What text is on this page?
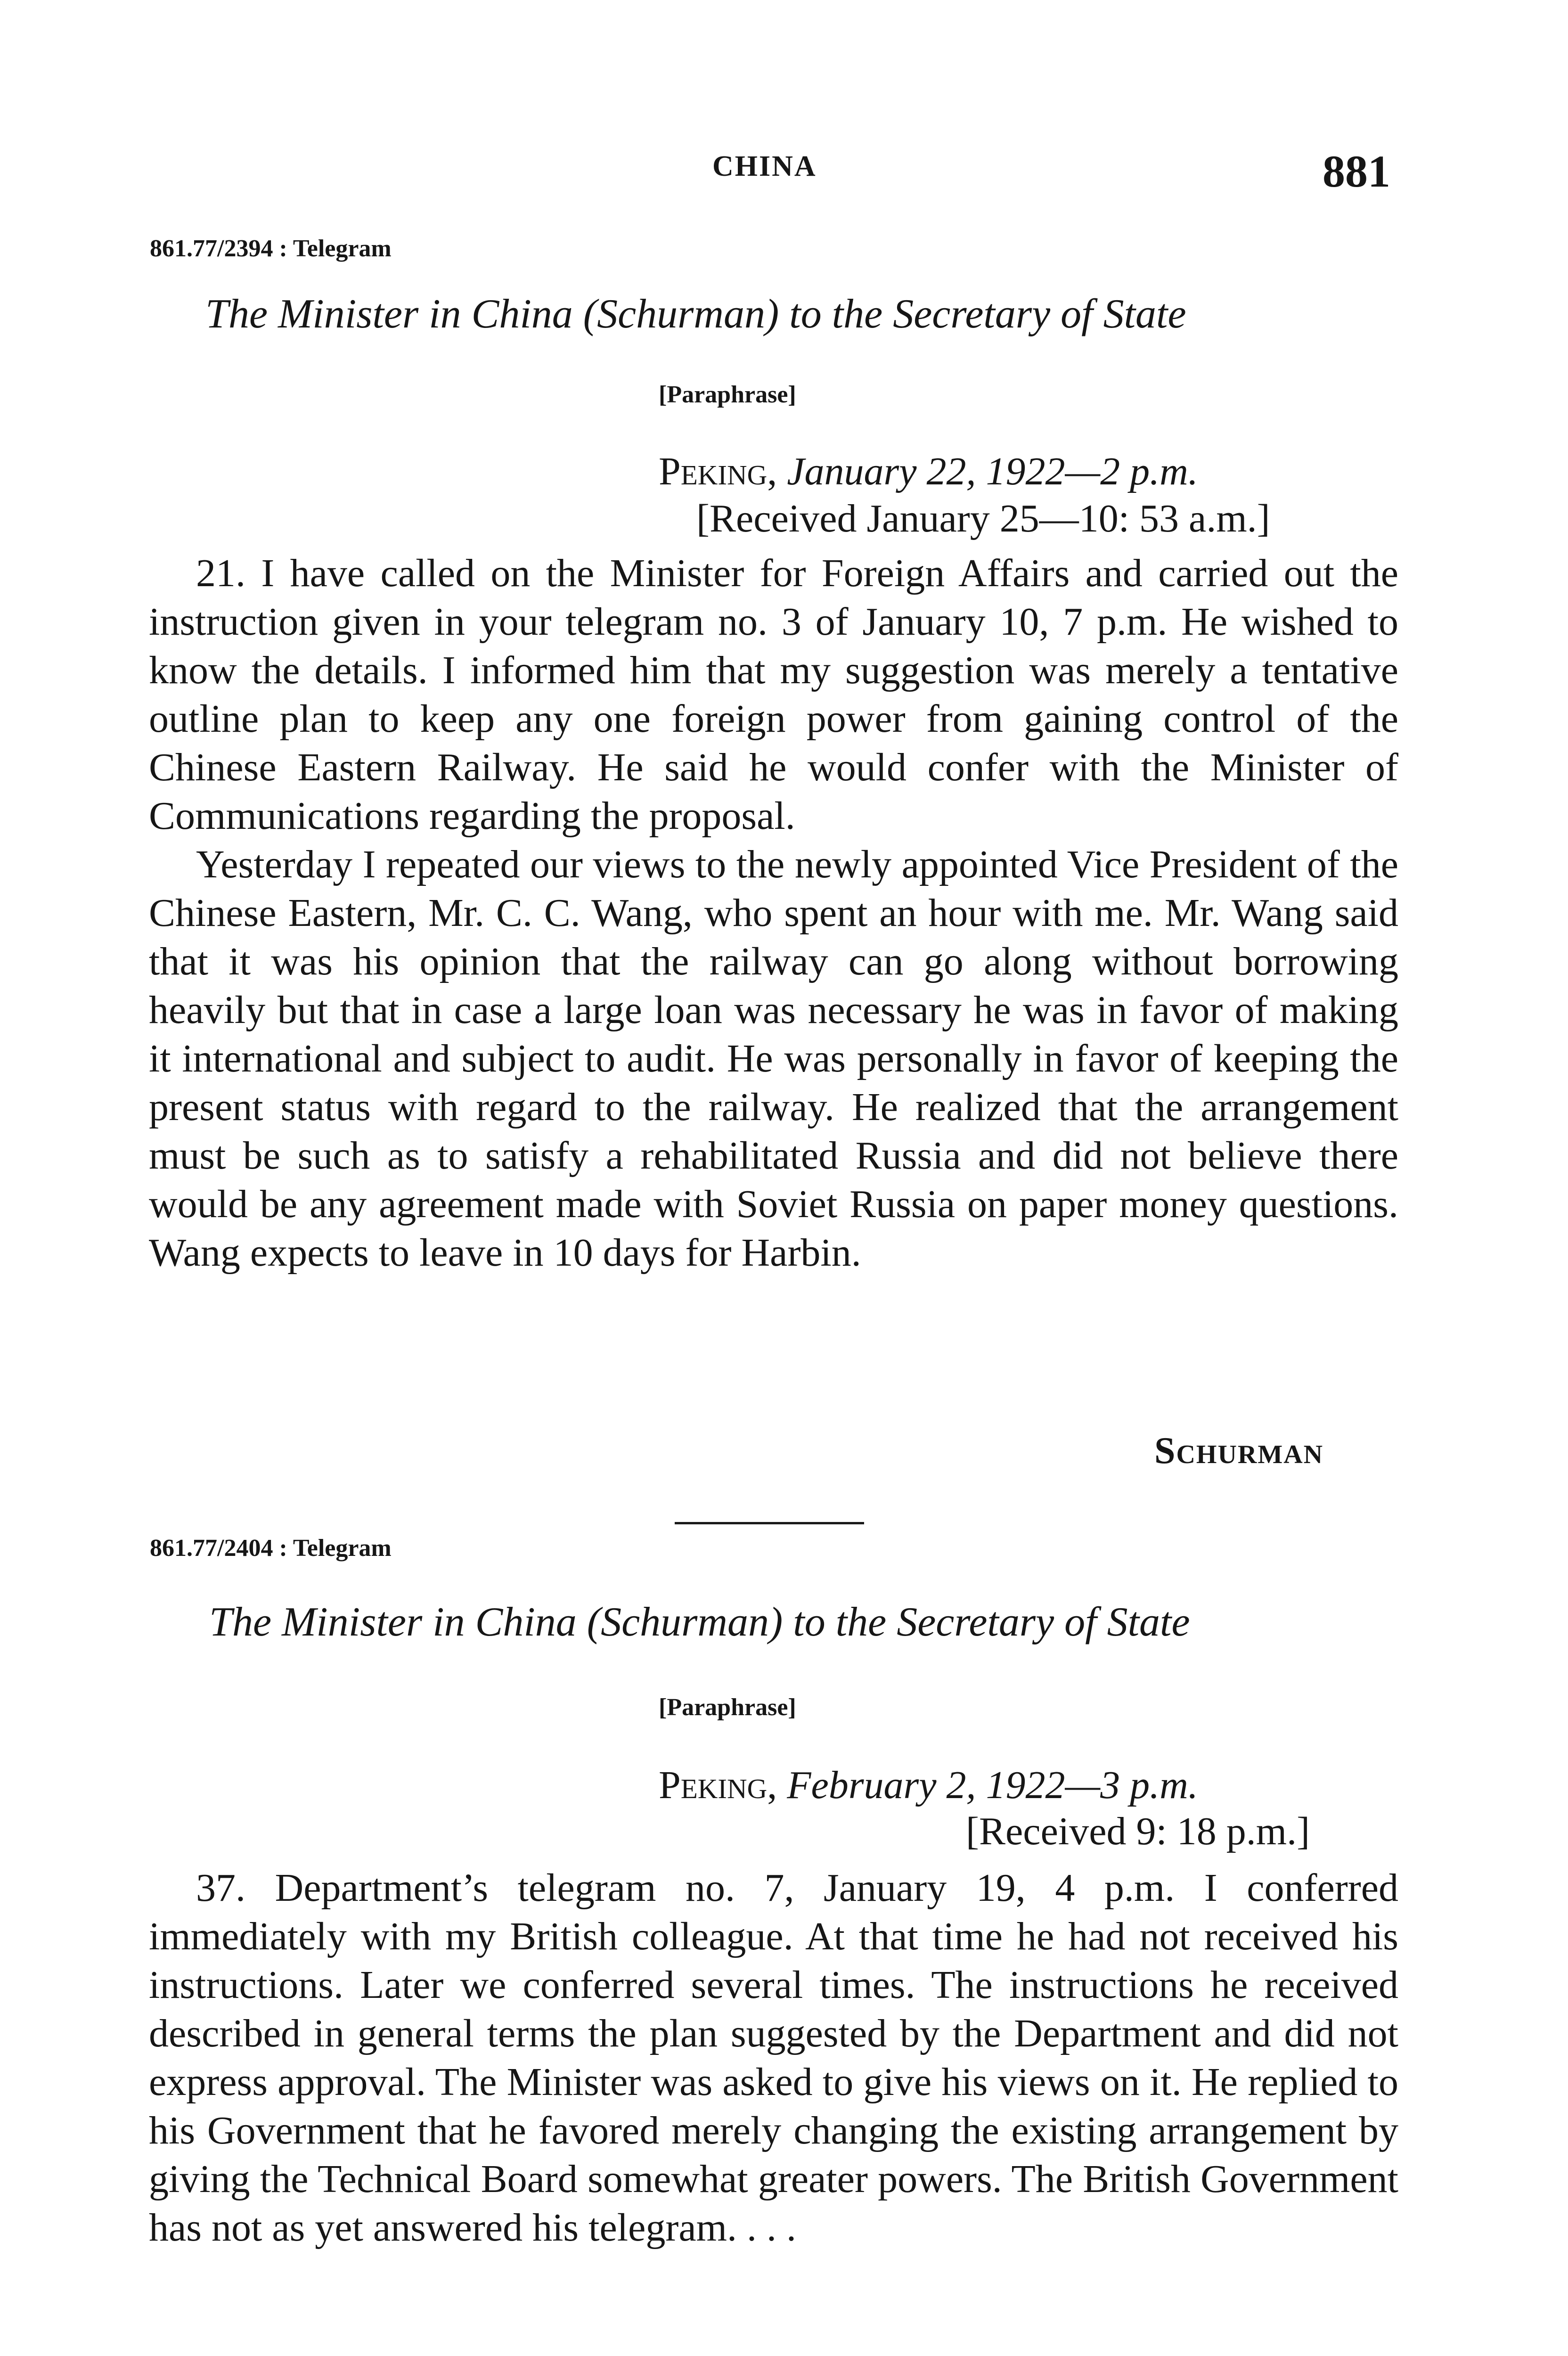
CHINA	881
861.77/2394 : Telegram
The Minister in China (Schurman) to the Secretary of State
[Paraphrase]
Peking, January 22, 1922—2 p.m.
[Received January 25—10: 53 a.m.]

21. I have called on the Minister for Foreign Affairs and carried out the instruction given in your telegram no. 3 of January 10, 7 p.m. He wished to know the details. I informed him that my suggestion was merely a tentative outline plan to keep any one foreign power from gaining control of the Chinese Eastern Railway. He said he would confer with the Minister of Communications regarding the proposal.

Yesterday I repeated our views to the newly appointed Vice President of the Chinese Eastern, Mr. C. C. Wang, who spent an hour with me. Mr. Wang said that it was his opinion that the railway can go along without borrowing heavily but that in case a large loan was necessary he was in favor of making it international and subject to audit. He was personally in favor of keeping the present status with regard to the railway. He realized that the arrangement must be such as to satisfy a rehabilitated Russia and did not believe there would be any agreement made with Soviet Russia on paper money questions. Wang expects to leave in 10 days for Harbin.

Schurman
861.77/2404 : Telegram
The Minister in China (Schurman) to the Secretary of State
[Paraphrase]
Peking, February 2, 1922—3 p.m.
[Received 9: 18 p.m.]

37. Department’s telegram no. 7, January 19, 4 p.m. I conferred immediately with my British colleague. At that time he had not received his instructions. Later we conferred several times. The instructions he received described in general terms the plan suggested by the Department and did not express approval. The Minister was asked to give his views on it. He replied to his Government that he favored merely changing the existing arrangement by giving the Technical Board somewhat greater powers. The British Government has not as yet answered his telegram. . . .
